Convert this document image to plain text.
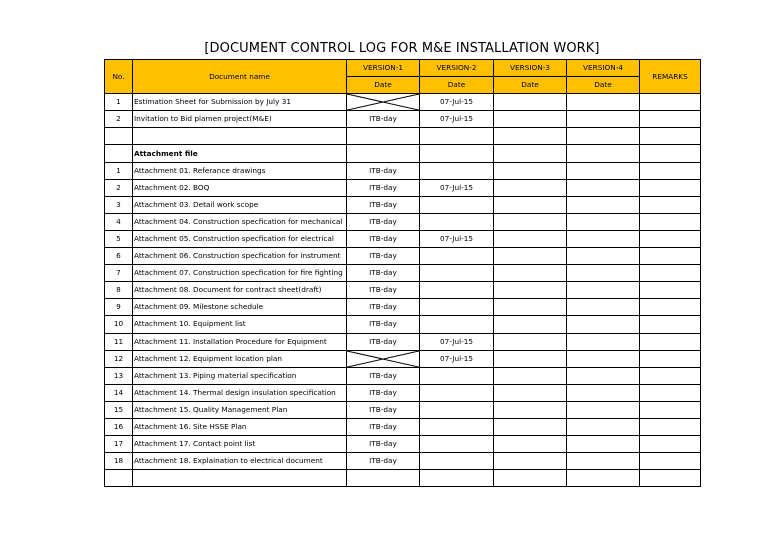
[DOCUMENT CONTROL LOG FOR M&E INSTALLATION WORK]
No.	Document name	VERSION-1	VERSION-2	VERSION-3	VERSION-4	REMARKS
		Date	Date	Date	Date	
1	Estimation Sheet for Submission by July 31		07-Jul-15			
2	Invitation to Bid plamen project(M&E)	ITB-day	07-Jul-15			

	Attachment file					
1	Attachment 01. Referance drawings	ITB-day				
2	Attachment 02. BOQ	ITB-day	07-Jul-15			
3	Attachment 03. Detail work scope	ITB-day				
4	Attachment 04. Construction specfication for mechanical	ITB-day				
5	Attachment 05. Construction specfication for electrical	ITB-day	07-Jul-15			
6	Attachment 06. Construction specfication for instrument	ITB-day				
7	Attachment 07. Construction specfication for fire fighting	ITB-day				
8	Attachment 08. Document for contract sheet(draft)	ITB-day				
9	Attachment 09. Milestone schedule	ITB-day				
10	Attachment 10. Equipment list	ITB-day				
11	Attachment 11. Installation Procedure for Equipment	ITB-day	07-Jul-15			
12	Attachment 12. Equipment location plan		07-Jul-15			
13	Attachment 13. Piping material specification	ITB-day				
14	Attachment 14. Thermal design insulation specification	ITB-day				
15	Attachment 15. Quality Management Plan	ITB-day				
16	Attachment 16. Site HSSE Plan	ITB-day				
17	Attachment 17. Contact point list	ITB-day				
18	Attachment 18. Explaination to electrical document	ITB-day				
